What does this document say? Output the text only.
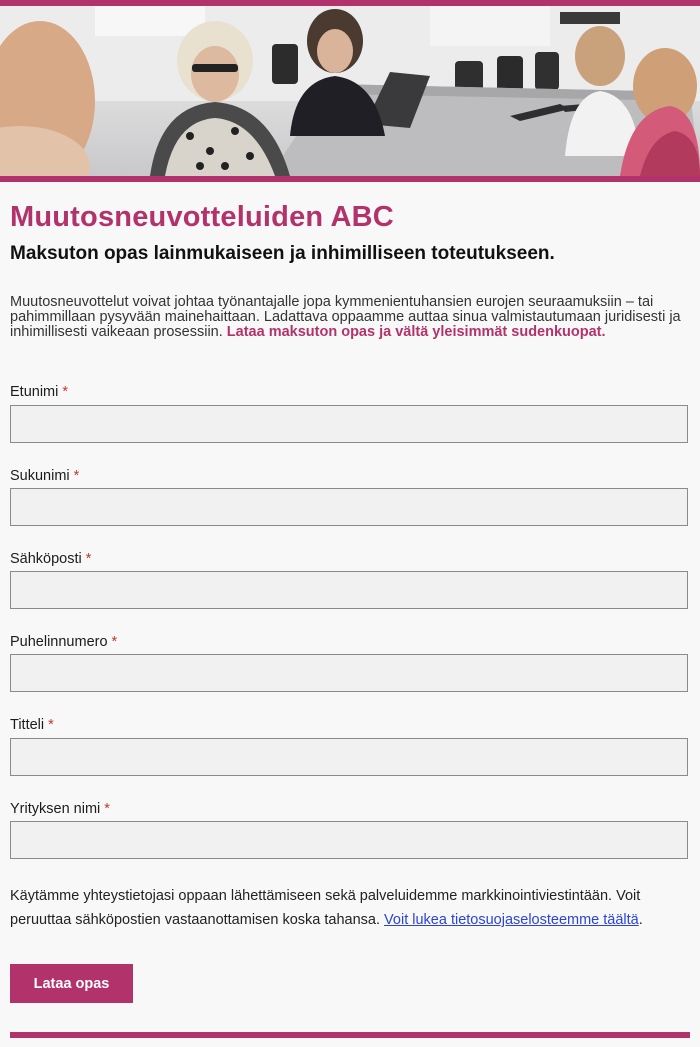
Muutosneuvotteluiden ABC
Maksuton opas lainmukaiseen ja inhimilliseen toteutukseen.

Muutosneuvottelut voivat johtaa työnantajalle jopa kymmenientuhansien eurojen seuraamuksiin – tai pahimmillaan pysyvään mainehaittaan. Ladattava oppaamme auttaa sinua valmistautumaan juridisesti ja inhimillisesti vaikeaan prosessiin. Lataa maksuton opas ja vältä yleisimmät sudenkuopat.

Etunimi *
Sukunimi *
Sähköposti *
Puhelinnumero *
Titteli *
Yrityksen nimi *

Käytämme yhteystietojasi oppaan lähettämiseen sekä palveluidemme markkinointiviestintään. Voit peruuttaa sähköpostien vastaanottamisen koska tahansa. Voit lukea tietosuojaselosteemme täältä.

Lataa opas
